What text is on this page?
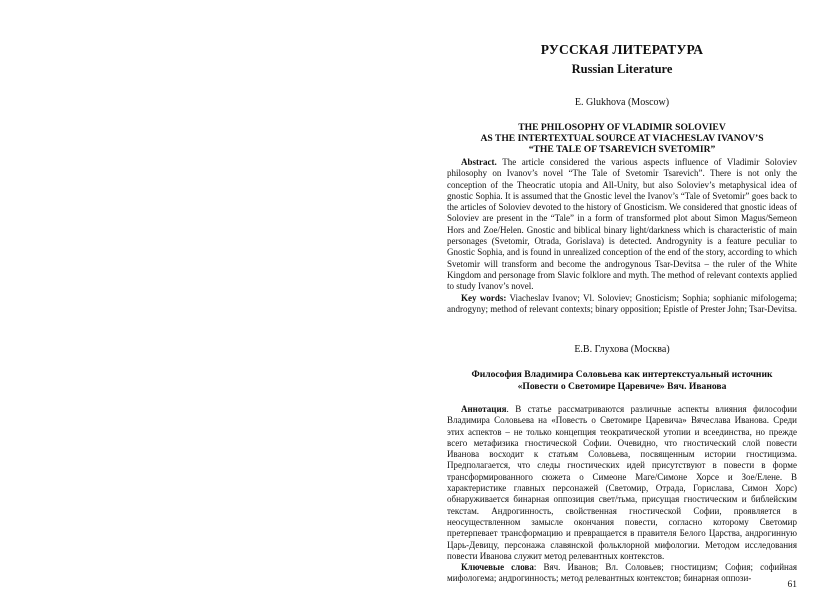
РУССКАЯ ЛИТЕРАТУРА
Russian Literature
E. Glukhova (Moscow)
THE PHILOSOPHY OF VLADIMIR SOLOVIEV
AS THE INTERTEXTUAL SOURCE AT VIACHESLAV IVANOV’S
“THE TALE OF TSAREVICH SVETOMIR”

Abstract. The article considered the various aspects influence of Vladimir Soloviev philosophy on Ivanov’s novel “The Tale of Svetomir Tsarevich”. There is not only the conception of the Theocratic utopia and All-Unity, but also Soloviev’s metaphysical idea of gnostic Sophia. It is assumed that the Gnostic level the Ivanov’s “Tale of Svetomir” goes back to the articles of Soloviev devoted to the history of Gnosticism. We considered that gnostic ideas of Soloviev are present in the “Tale” in a form of transformed plot about Simon Magus/Semeon Hors and Zoe/Helen. Gnostic and biblical binary light/darkness which is characteristic of main personages (Svetomir, Otrada, Gorislava) is detected. Androgynity is a feature peculiar to Gnostic Sophia, and is found in unrealized conception of the end of the story, according to which Svetomir will transform and become the androgynous Tsar-Devitsa – the ruler of the White Kingdom and personage from Slavic folklore and myth. The method of relevant contexts applied to study Ivanov’s novel.

Key words: Viacheslav Ivanov; Vl. Soloviev; Gnosticism; Sophia; sophianic mifologema; androgyny; method of relevant contexts; binary opposition; Epistle of Prester John; Tsar-Devitsa.

Е.В. Глухова (Москва)
Философия Владимира Соловьева как интертекстуальный источник
«Повести о Светомире Царевиче» Вяч. Иванова

Аннотация. В статье рассматриваются различные аспекты влияния философии Владимира Соловьева на «Повесть о Светомире Царевича» Вячеслава Иванова. Среди этих аспектов – не только концепция теократической утопии и всеединства, но прежде всего метафизика гностической Софии. Очевидно, что гностический слой повести Иванова восходит к статьям Соловьева, посвященным истории гностицизма. Предполагается, что следы гностических идей присутствуют в повести в форме трансформированного сюжета о Симеоне Маге/Симоне Хорсе и Зое/Елене. В характеристике главных персонажей (Светомир, Отрада, Горислава, Симон Хорс) обнаруживается бинарная оппозиция свет/тьма, присущая гностическим и библейским текстам. Андрогинность, свойственная гностической Софии, проявляется в неосуществленном замысле окончания повести, согласно которому Светомир претерпевает трансформацию и превращается в правителя Белого Царства, андрогинную Царь-Девицу, персонажа славянской фольклорной мифологии. Методом исследования повести Иванова служит метод релевантных контекстов.

Ключевые слова: Вяч. Иванов; Вл. Соловьев; гностицизм; София; софийная мифологема; андрогинность; метод релевантных контекстов; бинарная оппози-

61
